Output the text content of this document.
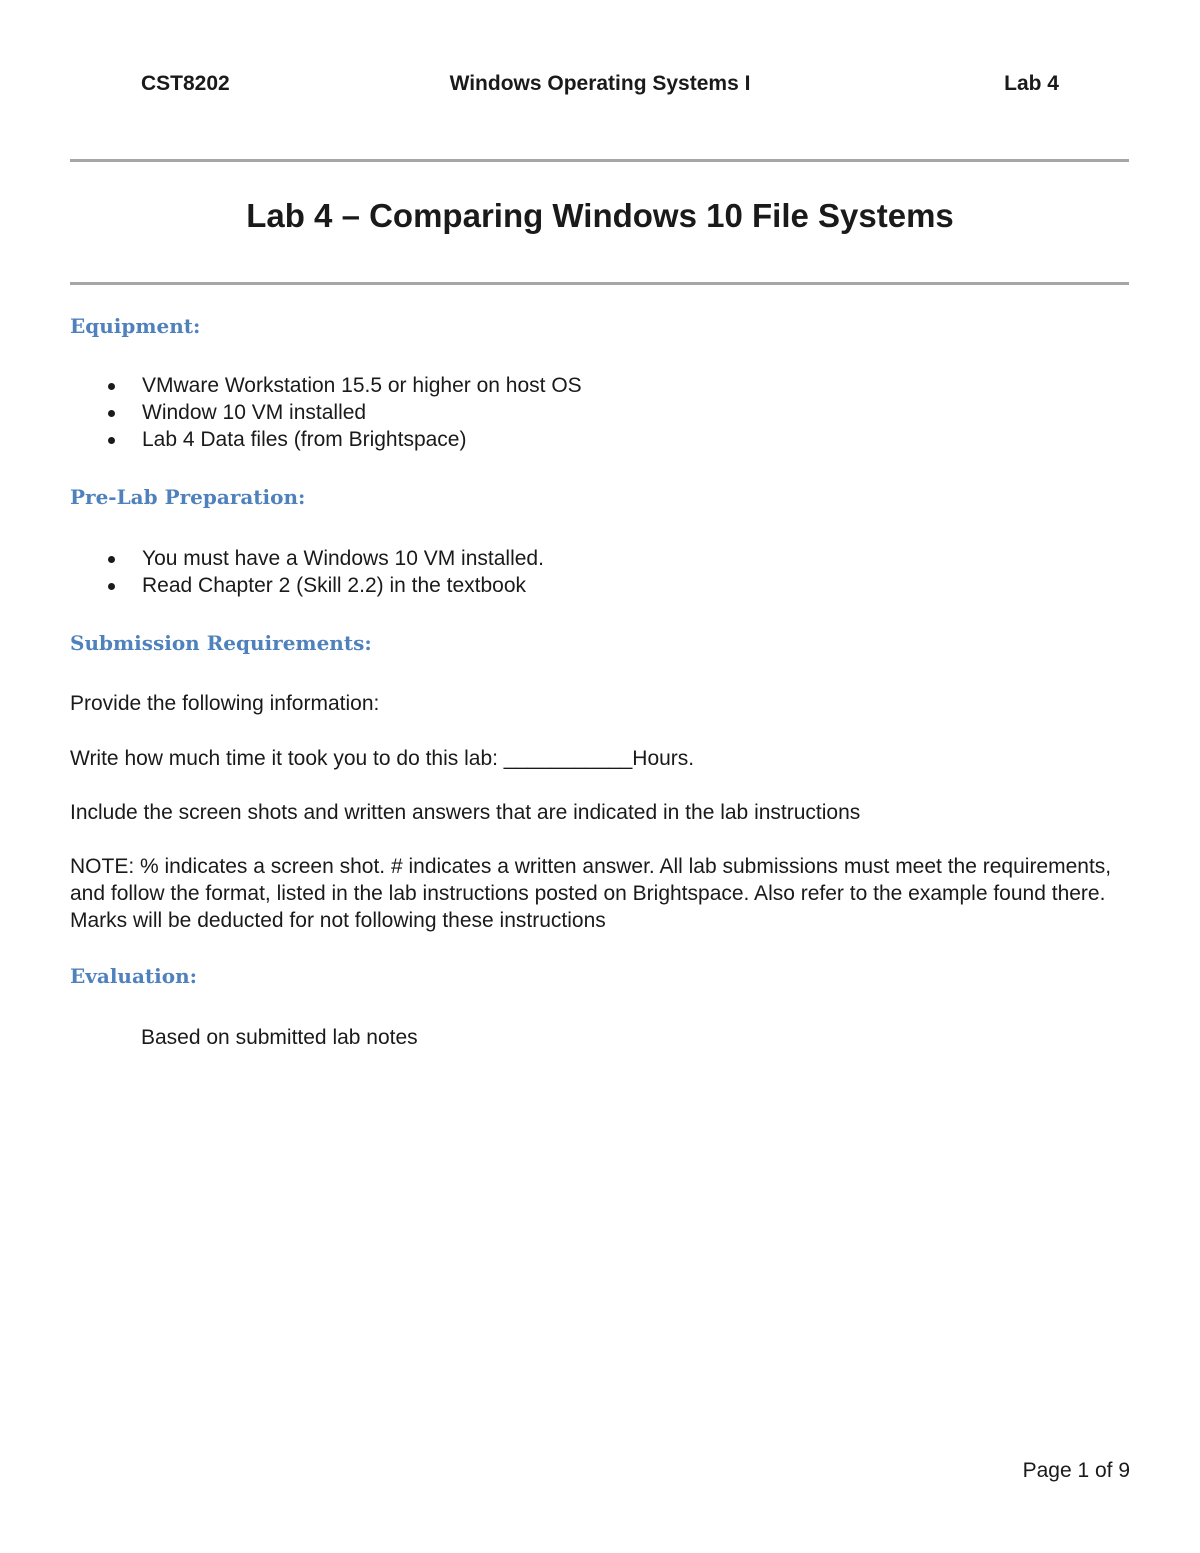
CST8202	Windows Operating Systems I	Lab 4
Lab 4 – Comparing Windows 10 File Systems
Equipment:
VMware Workstation 15.5 or higher on host OS
Window 10 VM installed
Lab 4 Data files (from Brightspace)
Pre-Lab Preparation:
You must have a Windows 10 VM installed.
Read Chapter 2 (Skill 2.2) in the textbook
Submission Requirements:

Provide the following information:

Write how much time it took you to do this lab: ___________Hours.

Include the screen shots and written answers that are indicated in the lab instructions

NOTE: % indicates a screen shot. # indicates a written answer. All lab submissions must meet the requirements, and follow the format, listed in the lab instructions posted on Brightspace. Also refer to the example found there. Marks will be deducted for not following these instructions

Evaluation:

Based on submitted lab notes

Page 1 of 9
